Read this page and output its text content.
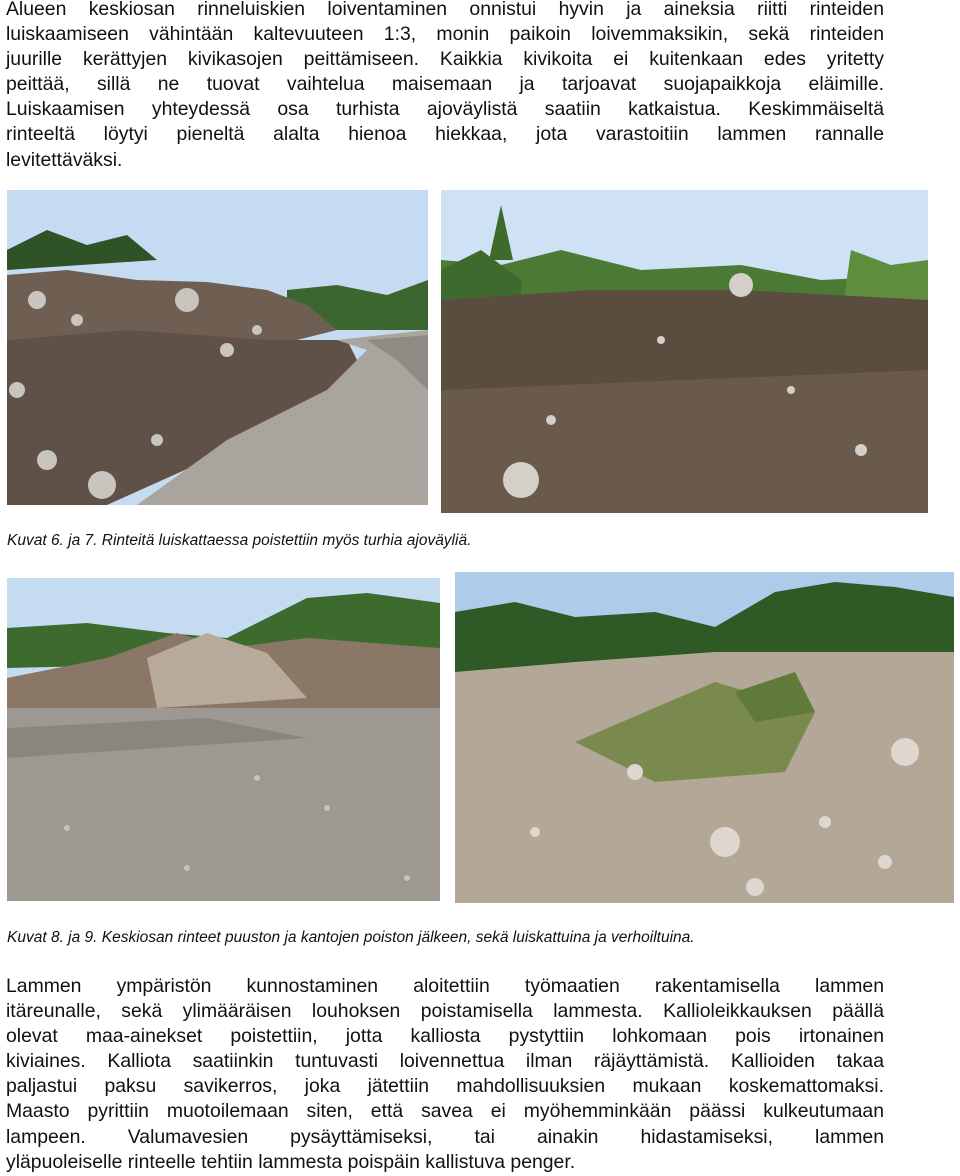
Alueen keskiosan rinneluiskien loiventaminen onnistui hyvin ja aineksia riitti rinteiden
luiskaamiseen vähintään kaltevuuteen 1:3, monin paikoin loivemmaksikin, sekä rinteiden
juurille kerättyjen kivikasojen peittämiseen. Kaikkia kivikoita ei kuitenkaan edes yritetty
peittää, sillä ne tuovat vaihtelua maisemaan ja tarjoavat suojapaikkoja eläimille.
Luiskaamisen yhteydessä osa turhista ajoväylistä saatiin katkaistua. Keskimmäiseltä
rinteeltä löytyi pieneltä alalta hienoa hiekkaa, jota varastoitiin lammen rannalle
levitettäväksi.

Kuvat 6. ja 7. Rinteitä luiskattaessa poistettiin myös turhia ajoväyliä.

Kuvat 8. ja 9. Keskiosan rinteet puuston ja kantojen poiston jälkeen, sekä luiskattuina ja verhoiltuina.

Lammen ympäristön kunnostaminen aloitettiin työmaatien rakentamisella lammen
itäreunalle, sekä ylimääräisen louhoksen poistamisella lammesta. Kallioleikkauksen päällä
olevat maa-ainekset poistettiin, jotta kalliosta pystyttiin lohkomaan pois irtonainen
kiviaines. Kalliota saatiinkin tuntuvasti loivennettua ilman räjäyttämistä. Kallioiden takaa
paljastui paksu savikerros, joka jätettiin mahdollisuuksien mukaan koskemattomaksi.
Maasto pyrittiin muotoilemaan siten, että savea ei myöhemminkään päässi kulkeutumaan
lampeen. Valumavesien pysäyttämiseksi, tai ainakin hidastamiseksi, lammen
yläpuoleiselle rinteelle tehtiin lammesta poispäin kallistuva penger.
